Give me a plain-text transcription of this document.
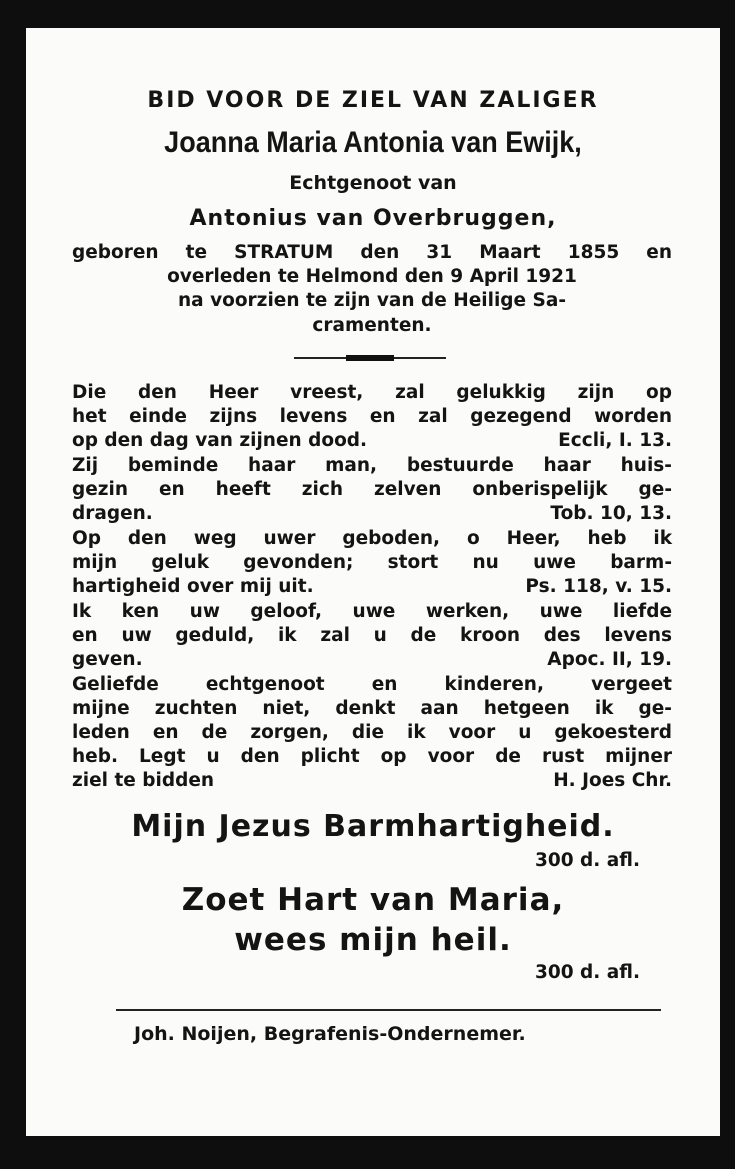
BID VOOR DE ZIEL VAN ZALIGER
Joanna Maria Antonia van Ewijk,
Echtgenoot van
Antonius van Overbruggen,
geboren te STRATUM den 31 Maart 1855 en
overleden te Helmond den 9 April 1921
na voorzien te zijn van de Heilige Sa-
cramenten.
Die den Heer vreest, zal gelukkig zijn op
het einde zijns levens en zal gezegend worden
op den dag van zijnen dood.	Eccli, I. 13.
Zij beminde haar man, bestuurde haar huis-
gezin en heeft zich zelven onberispelijk ge-
dragen.	Tob. 10, 13.
Op den weg uwer geboden, o Heer, heb ik
mijn geluk gevonden; stort nu uwe barm-
hartigheid over mij uit.	Ps. 118, v. 15.
Ik ken uw geloof, uwe werken, uwe liefde
en uw geduld, ik zal u de kroon des levens
geven.	Apoc. II, 19.
Geliefde echtgenoot en kinderen, vergeet
mijne zuchten niet, denkt aan hetgeen ik ge-
leden en de zorgen, die ik voor u gekoesterd
heb. Legt u den plicht op voor de rust mijner
ziel te bidden	H. Joes Chr.
Mijn Jezus Barmhartigheid.
300 d. afl.
Zoet Hart van Maria,
wees mijn heil.
300 d. afl.
Joh. Noijen, Begrafenis-Ondernemer.
